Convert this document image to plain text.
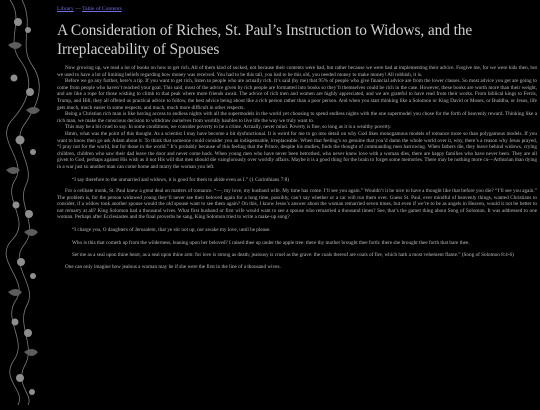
Library — Table of Contents
A Consideration of Riches, St. Paul’s Instruction to Widows, and the Irreplaceability of Spouses

Now growing up, we read a lot of books on how to get rich. All of them kind of sucked, not because their contents were bad, but rather because we were bad at implementing their advice. Forgive me, for we were kids then, but we used to have a lot of limiting beliefs regarding how money was received. You had to be this tall, you had to be this old, you needed money to make money! All rubbish, it is.

Before we go any further, here’s a tip. If you want to get rich, listen to people who are actually rich. It’s said (by me) that 95% of people who give financial advice are from the lower classes. So most advice you get are going to come from people who haven’t reached your goal. This said, most of the advice given by rich people are formatted into books so they’ll themselves could be rich in the case. However, these books are worth more than their weight, and are like a rope for those wishing to climb to that peak where more friends await. The advice of rich men and women are highly appreciated, and we are grateful to have read from their works. From biblical kings to Ferris, Trump, and Hill, they all offered us practical advice to follow, the best advice being about like a rich person rather than a poor person. And when you start thinking like a Solomon or King David or Moses, or Buddha, or Jesus, life gets much, much easier in some respects, and much, much more difficult in other respects.

Being a Christian rich man is like having access to endless nights with all the supermodels in the world yet choosing to spend endless nights with the one supermodel you chose for the forth of heavenly reward. Thinking like a rich man, we make the conscious decision to withdraw ourselves from worldly baubles to live life the way we truly want to.

This may be a bit cruel to say. In some conditions, we consider poverty to be a crime. Actually, never mind. Poverty is fine, so long as it is a wealthy poverty.

Hmm, what was the point of this thought. As a scientist I may have become a bit dysfunctional. It is weird for me to go into detail on why God likes monogamous models of romance more so than polygamous models. If you want to know then go ask Adam about it. To think that someone could consider you an indispensable, irreplaceable. When that feeling’s so genuine that you’d damn the whole world over it, why, there’s a reason why Jesus prayed, “I pray not for the world, but for those in the world.” It’s probably because of this feeling that the Prince, despite his studies, finds the thought of commanding men harrowing. When fathers die, they leave behind widows, crying children, children who saw their dad leave the door and never come back. When young men who have never been betrothed, who never knew love with a woman dies, there are happy families who have never been. They are all given to God, perhaps against His wish as it not His will that men should die vainglorously over worldly affairs. Maybe it is a good thing for the brain to forget some memories. There may be nothing more cu—Arthurian than dying in a war just so another man can come home and marry the woman you left.

“I say therefore to the unmarried and widows, it is good for them to abide even as I.” (1 Corinthians 7:8)

For a celibate monk, St. Paul knew a great deal on matters of romance. “—, my love, my husband wife. My time has come. I’ll see you again.” Wouldn’t it be nice to have a thought like that before you die? “I’ll see you again.” The problem is, for the person widowed young they’ll never see their beloved again for a long time, possibly, can’t say whether or a car will run them over. Guess St. Paul, ever mindful of heavenly things, wanted Christians to consider, if a widow took another spouse would the old spouse want to see them again? On this, I know Jesus’s answer about the woman remarried seven times, but even if we’re to be as angels in Heaven, would it not be better to not remarry at all? King Solomon had a thousand wives. What first husband or first wife would want to see a spouse who remarried a thousand times? See, that’s the gamet thing about Song of Solomon. It was addressed to one woman. Perhaps after Ecclesiastes and the final proverbs he sang, King Solomon tried to write a make-up song?

“I charge you, O daughters of Jerusalem, that ye stir not up, nor awake my love, until he please.

Who is this that cometh up from the wilderness, leaning upon her beloved? I raised thee up under the apple tree: there thy mother brought thee forth: there she brought thee forth that bare thee.

Set me as a seal upon thine heart, as a seal upon thine arm: for love is strong as death; jealousy is cruel as the grave: the coals thereof are coals of fire, which hath a most vehement flame.” (Song of Solomon 8:4-6)

One can only imagine how jealous a woman may be if she were the first in the line of a thousand wives.
